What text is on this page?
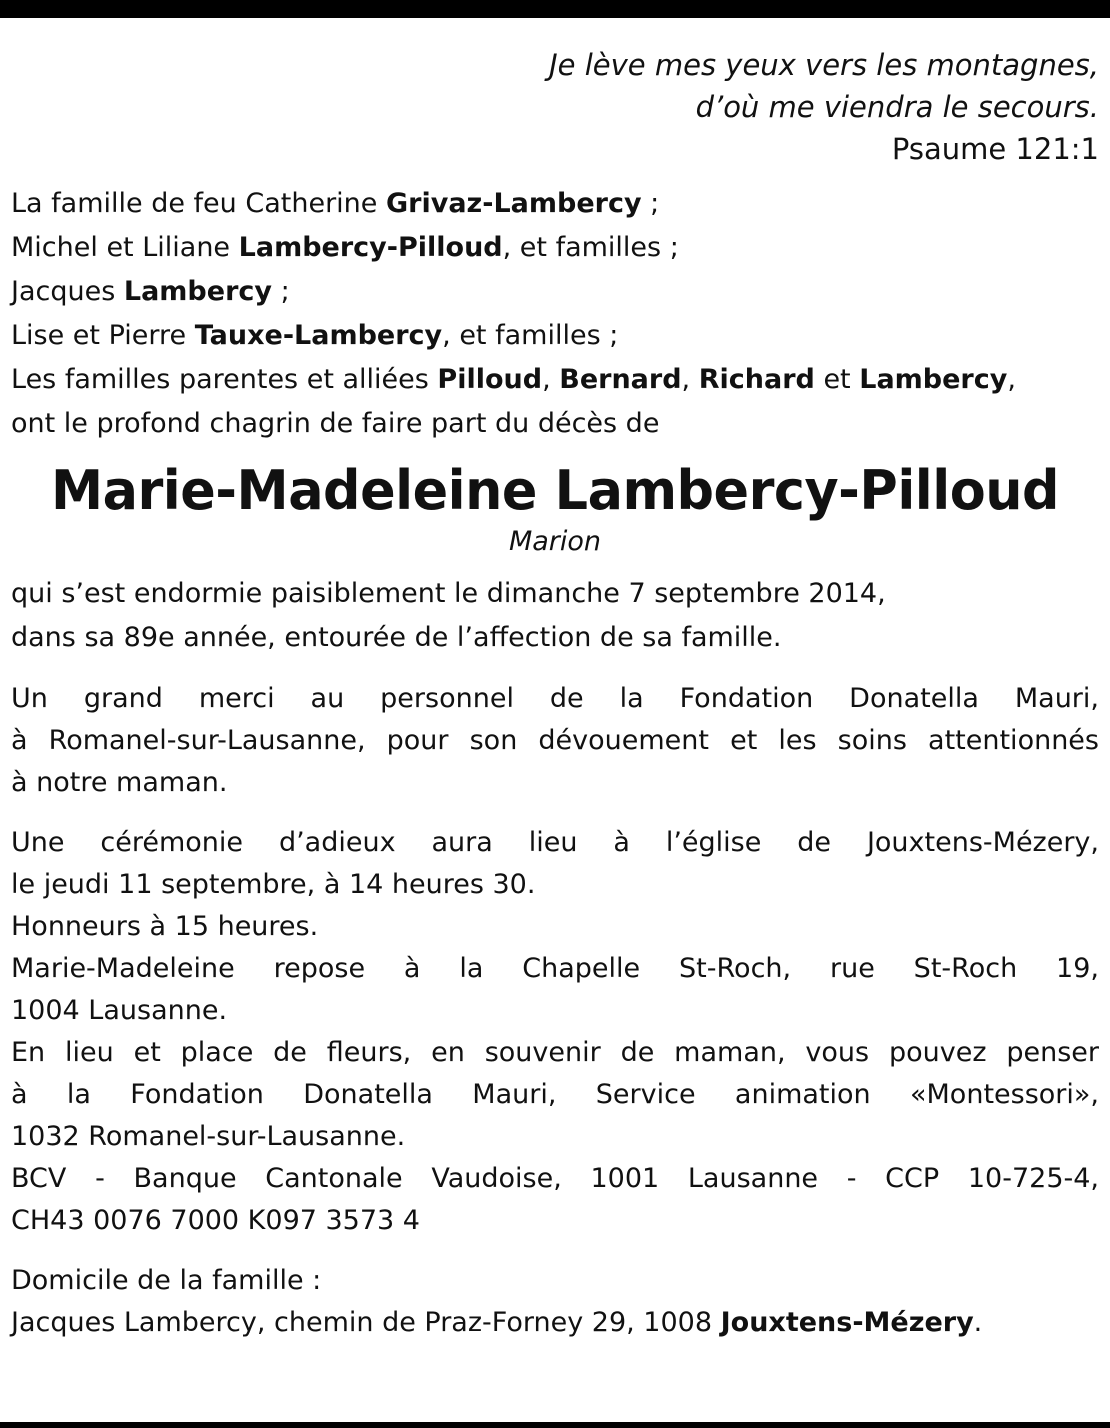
Je lève mes yeux vers les montagnes,
d’où me viendra le secours.
Psaume 121:1
La famille de feu Catherine Grivaz-Lambercy ;
Michel et Liliane Lambercy-Pilloud, et familles ;
Jacques Lambercy ;
Lise et Pierre Tauxe-Lambercy, et familles ;
Les familles parentes et alliées Pilloud, Bernard, Richard et Lambercy,
ont le profond chagrin de faire part du décès de
Marie-Madeleine Lambercy-Pilloud
Marion
qui s’est endormie paisiblement le dimanche 7 septembre 2014,
dans sa 89e année, entourée de l’affection de sa famille.
Un grand merci au personnel de la Fondation Donatella Mauri,
à Romanel-sur-Lausanne, pour son dévouement et les soins attentionnés
à notre maman.
Une cérémonie d’adieux aura lieu à l’église de Jouxtens-Mézery,
le jeudi 11 septembre, à 14 heures 30.
Honneurs à 15 heures.
Marie-Madeleine repose à la Chapelle St-Roch, rue St-Roch 19,
1004 Lausanne.
En lieu et place de fleurs, en souvenir de maman, vous pouvez penser
à la Fondation Donatella Mauri, Service animation «Montessori»,
1032 Romanel-sur-Lausanne.
BCV - Banque Cantonale Vaudoise, 1001 Lausanne - CCP 10-725-4,
CH43 0076 7000 K097 3573 4
Domicile de la famille :
Jacques Lambercy, chemin de Praz-Forney 29, 1008 Jouxtens-Mézery.
